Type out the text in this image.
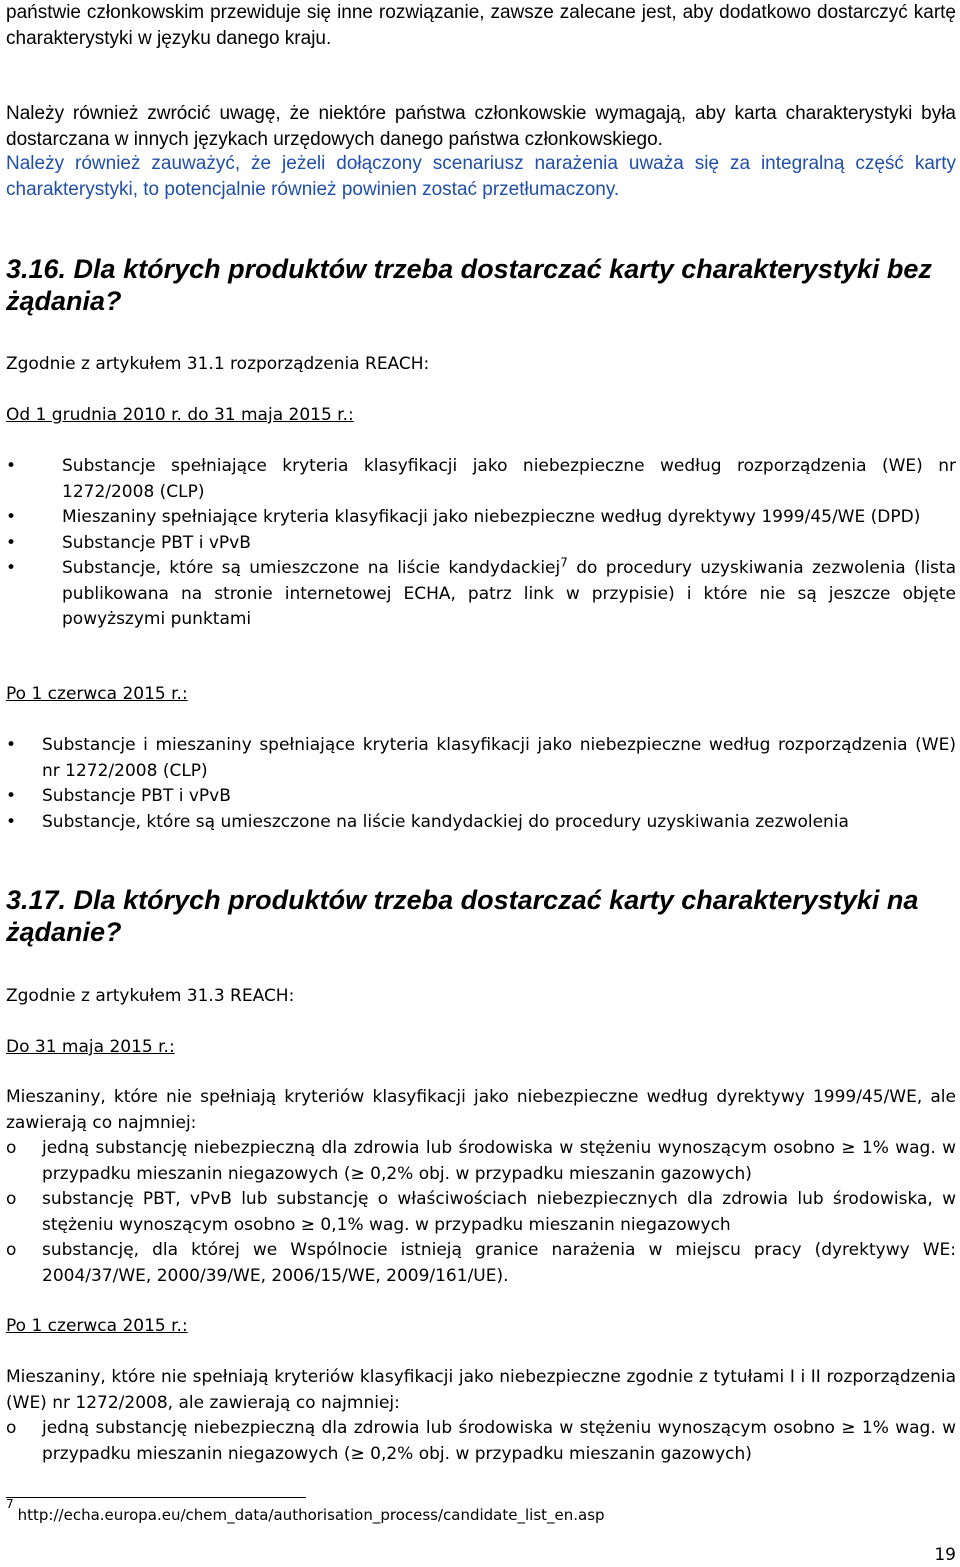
państwie członkowskim przewiduje się inne rozwiązanie, zawsze zalecane jest, aby dodatkowo dostarczyć kartę charakterystyki w języku danego kraju.

Należy również zwrócić uwagę, że niektóre państwa członkowskie wymagają, aby karta charakterystyki była dostarczana w innych językach urzędowych danego państwa członkowskiego.

Należy również zauważyć, że jeżeli dołączony scenariusz narażenia uważa się za integralną część karty charakterystyki, to potencjalnie również powinien zostać przetłumaczony.

3.16. Dla których produktów trzeba dostarczać karty charakterystyki bez żądania?

Zgodnie z artykułem 31.1 rozporządzenia REACH:

Od 1 grudnia 2010 r. do 31 maja 2015 r.:

•	Substancje spełniające kryteria klasyfikacji jako niebezpieczne według rozporządzenia (WE) nr 1272/2008 (CLP)
•	Mieszaniny spełniające kryteria klasyfikacji jako niebezpieczne według dyrektywy 1999/45/WE (DPD)
•	Substancje PBT i vPvB
•	Substancje, które są umieszczone na liście kandydackiej$^7$ do procedury uzyskiwania zezwolenia (lista publikowana na stronie internetowej ECHA, patrz link w przypisie) i które nie są jeszcze objęte powyższymi punktami

Po 1 czerwca 2015 r.:

• Substancje i mieszaniny spełniające kryteria klasyfikacji jako niebezpieczne według rozporządzenia (WE) nr 1272/2008 (CLP)
• Substancje PBT i vPvB
• Substancje, które są umieszczone na liście kandydackiej do procedury uzyskiwania zezwolenia
3.17. Dla których produktów trzeba dostarczać karty charakterystyki na żądanie?

Zgodnie z artykułem 31.3 REACH:

Do 31 maja 2015 r.:

Mieszaniny, które nie spełniają kryteriów klasyfikacji jako niebezpieczne według dyrektywy 1999/45/WE, ale zawierają co najmniej:

o jedną substancję niebezpieczną dla zdrowia lub środowiska w stężeniu wynoszącym osobno ≥ 1% wag. w przypadku mieszanin niegazowych (≥ 0,2% obj. w przypadku mieszanin gazowych)
o substancję PBT, vPvB lub substancję o właściwościach niebezpiecznych dla zdrowia lub środowiska, w stężeniu wynoszącym osobno ≥ 0,1% wag. w przypadku mieszanin niegazowych
o substancję, dla której we Wspólnocie istnieją granice narażenia w miejscu pracy (dyrektywy WE: 2004/37/WE, 2000/39/WE, 2006/15/WE, 2009/161/UE).

Po 1 czerwca 2015 r.:

Mieszaniny, które nie spełniają kryteriów klasyfikacji jako niebezpieczne zgodnie z tytułami I i II rozporządzenia (WE) nr 1272/2008, ale zawierają co najmniej:

o jedną substancję niebezpieczną dla zdrowia lub środowiska w stężeniu wynoszącym osobno ≥ 1% wag. w przypadku mieszanin niegazowych (≥ 0,2% obj. w przypadku mieszanin gazowych)
$^7$http://echa.europa.eu/chem_data/authorisation_process/candidate_list_en.asp
19
